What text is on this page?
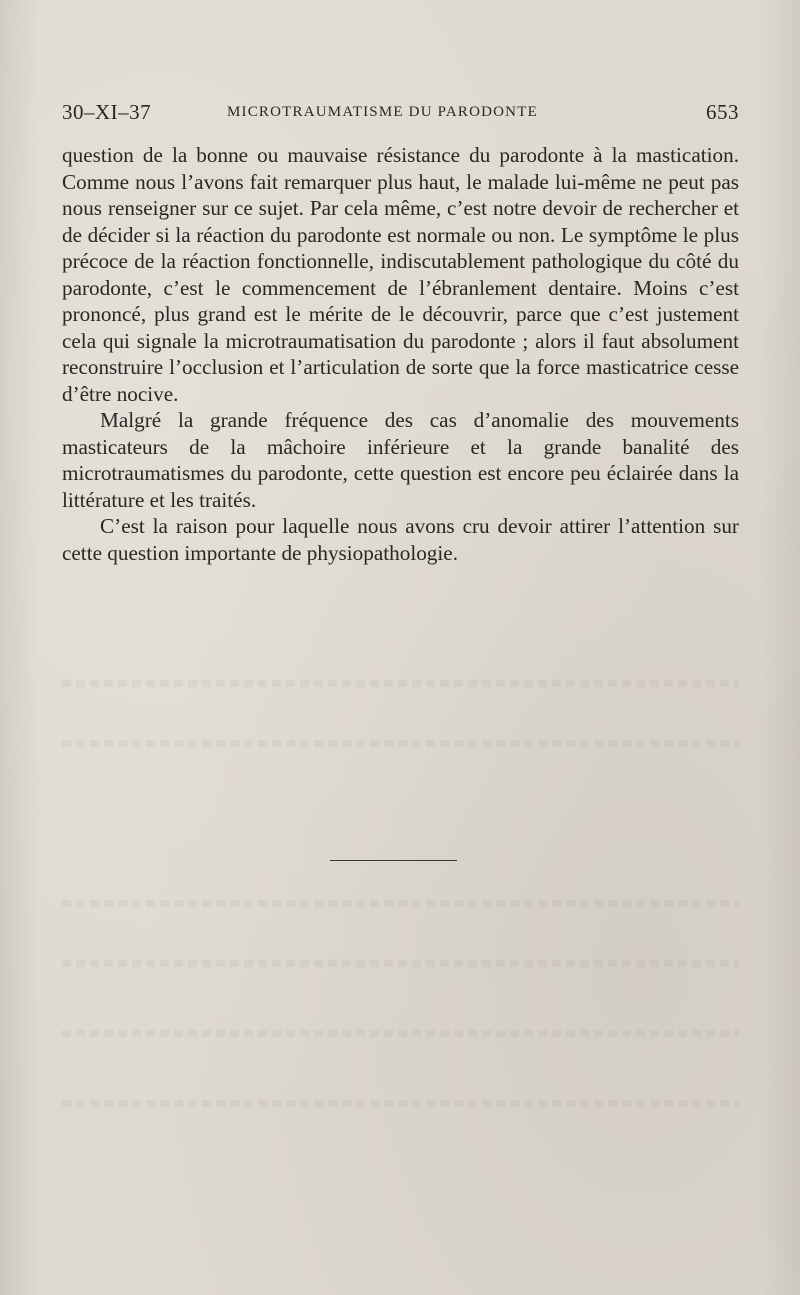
30–XI–37	MICROTRAUMATISME DU PARODONTE	653

question de la bonne ou mauvaise résistance du parodonte à la mastication. Comme nous l’avons fait remarquer plus haut, le malade lui-même ne peut pas nous renseigner sur ce sujet. Par cela même, c’est notre devoir de rechercher et de décider si la réaction du parodonte est normale ou non. Le symptôme le plus précoce de la réaction fonctionnelle, indiscutablement pathologique du côté du parodonte, c’est le commencement de l’ébranlement dentaire. Moins c’est prononcé, plus grand est le mérite de le découvrir, parce que c’est justement cela qui signale la microtraumatisation du parodonte ; alors il faut absolument reconstruire l’occlusion et l’articulation de sorte que la force masticatrice cesse d’être nocive.

Malgré la grande fréquence des cas d’anomalie des mouvements masticateurs de la mâchoire inférieure et la grande banalité des microtraumatismes du parodonte, cette question est encore peu éclairée dans la littérature et les traités.

C’est la raison pour laquelle nous avons cru devoir attirer l’attention sur cette question importante de physiopathologie.
